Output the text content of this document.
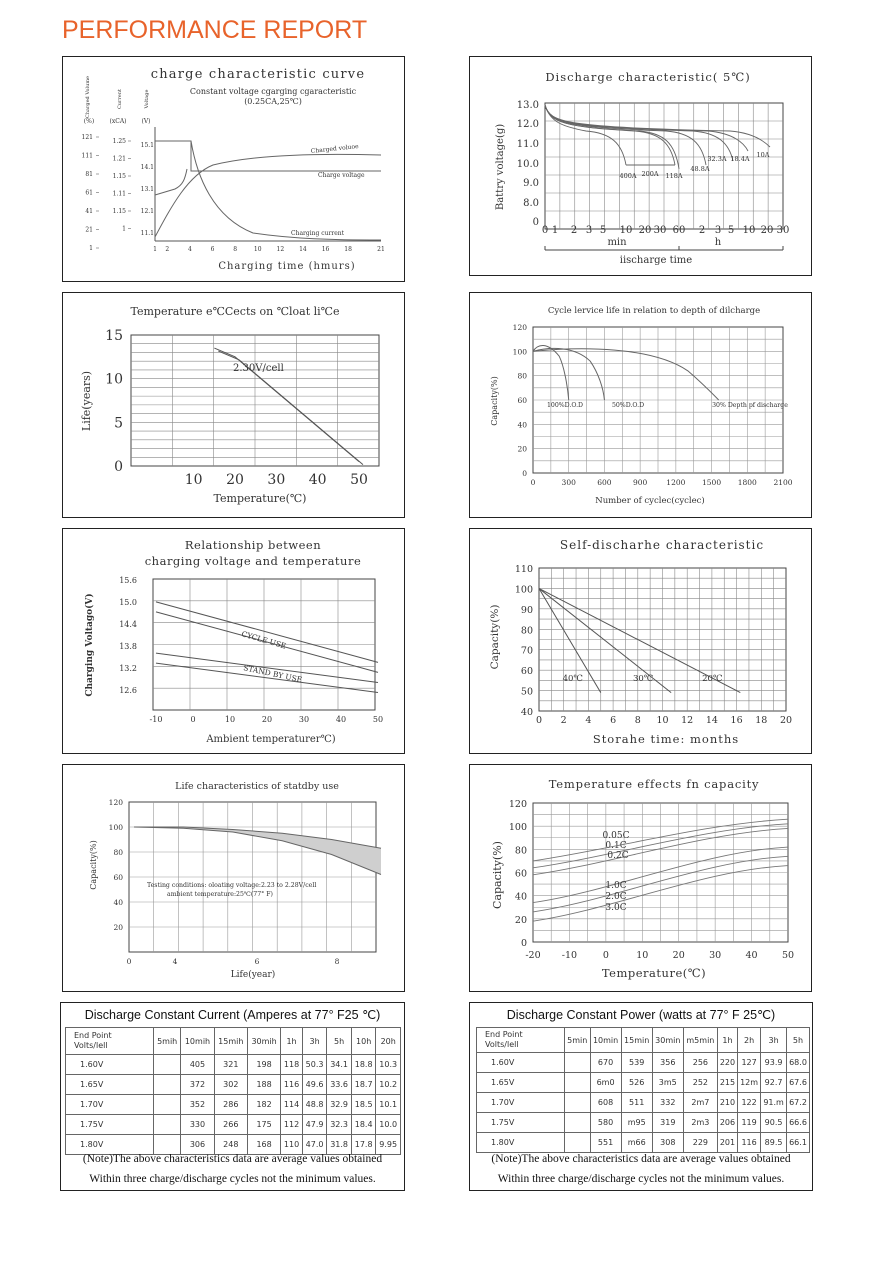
PERFORMANCE REPORT
charge characteristic curve
Constant voltage cgarging cgaracteristic
(0.25CA,25℃)
Charged Volume	Current	Voltage
(%)	(xCA) (V)
1 2	4	6	8	10 12 14 16 18	21
121
111
81
61
41
21
1
1.25
1.21
1.15
1.11
1.15
1
15.1
14.1
13.1
12.1
11.1
Charged voluoe
Charge voltage
Charging current
Charging time (hmurs)
Discharge characteristic( 5℃)
Battry voltage(g)	400A 200A 118A
48.8A
32.3A 18.4A 10A
13.0
12.0
11.0
10.0
9.0
8.0
0
0 1 2 3 5 10 20 30 60 2 3 5 10 20 30
min	h
iischarge time
Temperature e℃Cects on ℃loat li℃e
Life(years)
15
10
5
0
10 20 30 40 50
2.30V/cell
Temperature(℃)
Cycle lervice life in relation to depth of dilcharge
Capacity(%)
120
100
80
60
40
20
0
0	300	600	900	1200 1500 1800 2100
100%D.O.D	50%D.O.D	30% Depth pf discharge
Number of cyclec(cyclec)
Relationship between
charging voltage and temperature
Charging Voltago(V)
15.6
15.0
14.4
13.8
13.2
12.6
-10	0	10	20	30	40	50
CYCLE USE
STAND BY USE
Ambient temperaturer℃)
Self-discharhe characteristic
Capacity(%)
110
100
90
80
70
60
50
40
0 2 4 6 8 10 12 14 16 18 20
40℃	30℃	20℃
Storahe time: months
Life characteristics of statdby use
Capacity(%)
120
100
80
60
40
20
0	4	6	8
Testing conditions: oloating voltage:2.23 to 2.28V/cell
ambient temperature:25℃(77° F)
Life(year)
Temperature effects fn capacity
Capacity(%)
120
100
80
60
40
20
0
-20 -10	0	10	20	30	40	50
0.05C
0.1C
0.2C
1.0C
2.0C
3.0C
Temperature(℃)
Discharge Constant Current (Amperes at 77° F25 ℃)
End Point
Volts/lell	5mih	10mih	15mih	30mih	1h	3h	5h	10h	20h
1.60V		405	321	198	118	50.3	34.1	18.8	10.3
1.65V		372	302	188	116	49.6	33.6	18.7	10.2
1.70V		352	286	182	114	48.8	32.9	18.5	10.1
1.75V		330	266	175	112	47.9	32.3	18.4	10.0
1.80V		306	248	168	110	47.0	31.8	17.8	9.95
(Note)The above characteristics data are average values obtained
Within three charge/discharge cycles not the minimum values.
Discharge Constant Power (watts at 77° F 25℃)
End Point
Volts/lell	5min	10min	15min	30min	m5min	1h	2h	3h	5h
1.60V		670	539	356	256	220	127	93.9	68.0
1.65V		6m0	526	3m5	252	215	12m	92.7	67.6
1.70V		608	511	332	2m7	210	122	91.m	67.2
1.75V		580	m95	319	2m3	206	119	90.5	66.6
1.80V		551	m66	308	229	201	116	89.5	66.1
(Note)The above characteristics data are average values obtained
Within three charge/discharge cycles not the minimum values.
